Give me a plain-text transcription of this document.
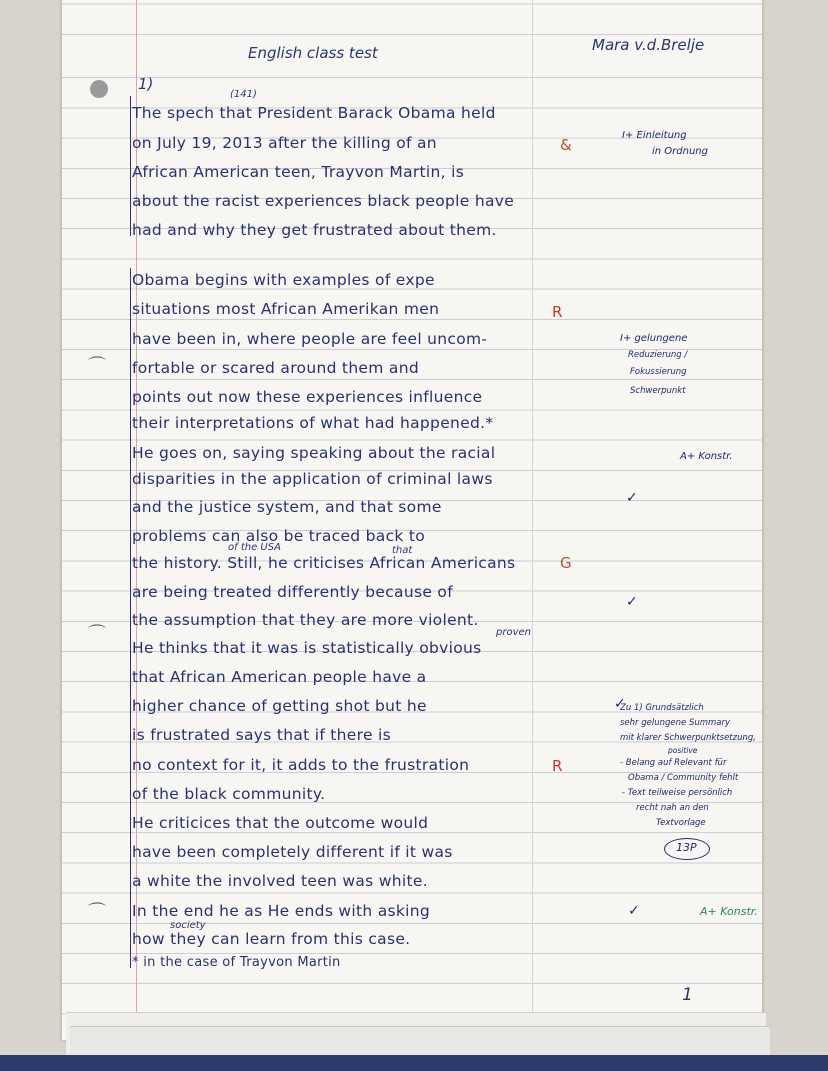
English class test	Mara v.d.Brelje
1)
(141)
The spech that President Barack Obama held
on July 19, 2013 after the killing of an
African American teen, Trayvon Martin, is
about the racist experiences black people have
had and why they get frustrated about them.
Obama begins with examples of expe
situations most African Amerikan men
have been in, where people are feel uncom-
fortable or scared around them and
points out now these experiences influence
their interpretations of what had happened.*
He goes on, saying speaking about the racial
disparities in the application of criminal laws
and the justice system, and that some
problems can also be traced back to
of the USA	that
the history. Still, he criticises African Americans
are being treated differently because of
the assumption that they are more violent.
proven
He thinks that it was is statistically obvious
that African American people have a
higher chance of getting shot but he
is frustrated says that if there is
no context for it, it adds to the frustration
of the black community.
He criticices that the outcome would
have been completely different if it was
a white the involved teen was white.
In the end he as He ends with asking
society
how they can learn from this case.
* in the case of Trayvon Martin
&
R
G
R
I+ Einleitung
in Ordnung
I+ gelungene
Reduzierung /
Fokussierung
Schwerpunkt
A+ Konstr.
✓
✓
✓
✓
Zu 1) Grundsätzlich
sehr gelungene Summary
mit klarer Schwerpunktsetzung,
positive
- Belang auf Relevant für
Obama / Community fehlt
- Text teilweise persönlich
recht nah an den
Textvorlage
13P
A+ Konstr.
1
⌒
⌒
⌒
